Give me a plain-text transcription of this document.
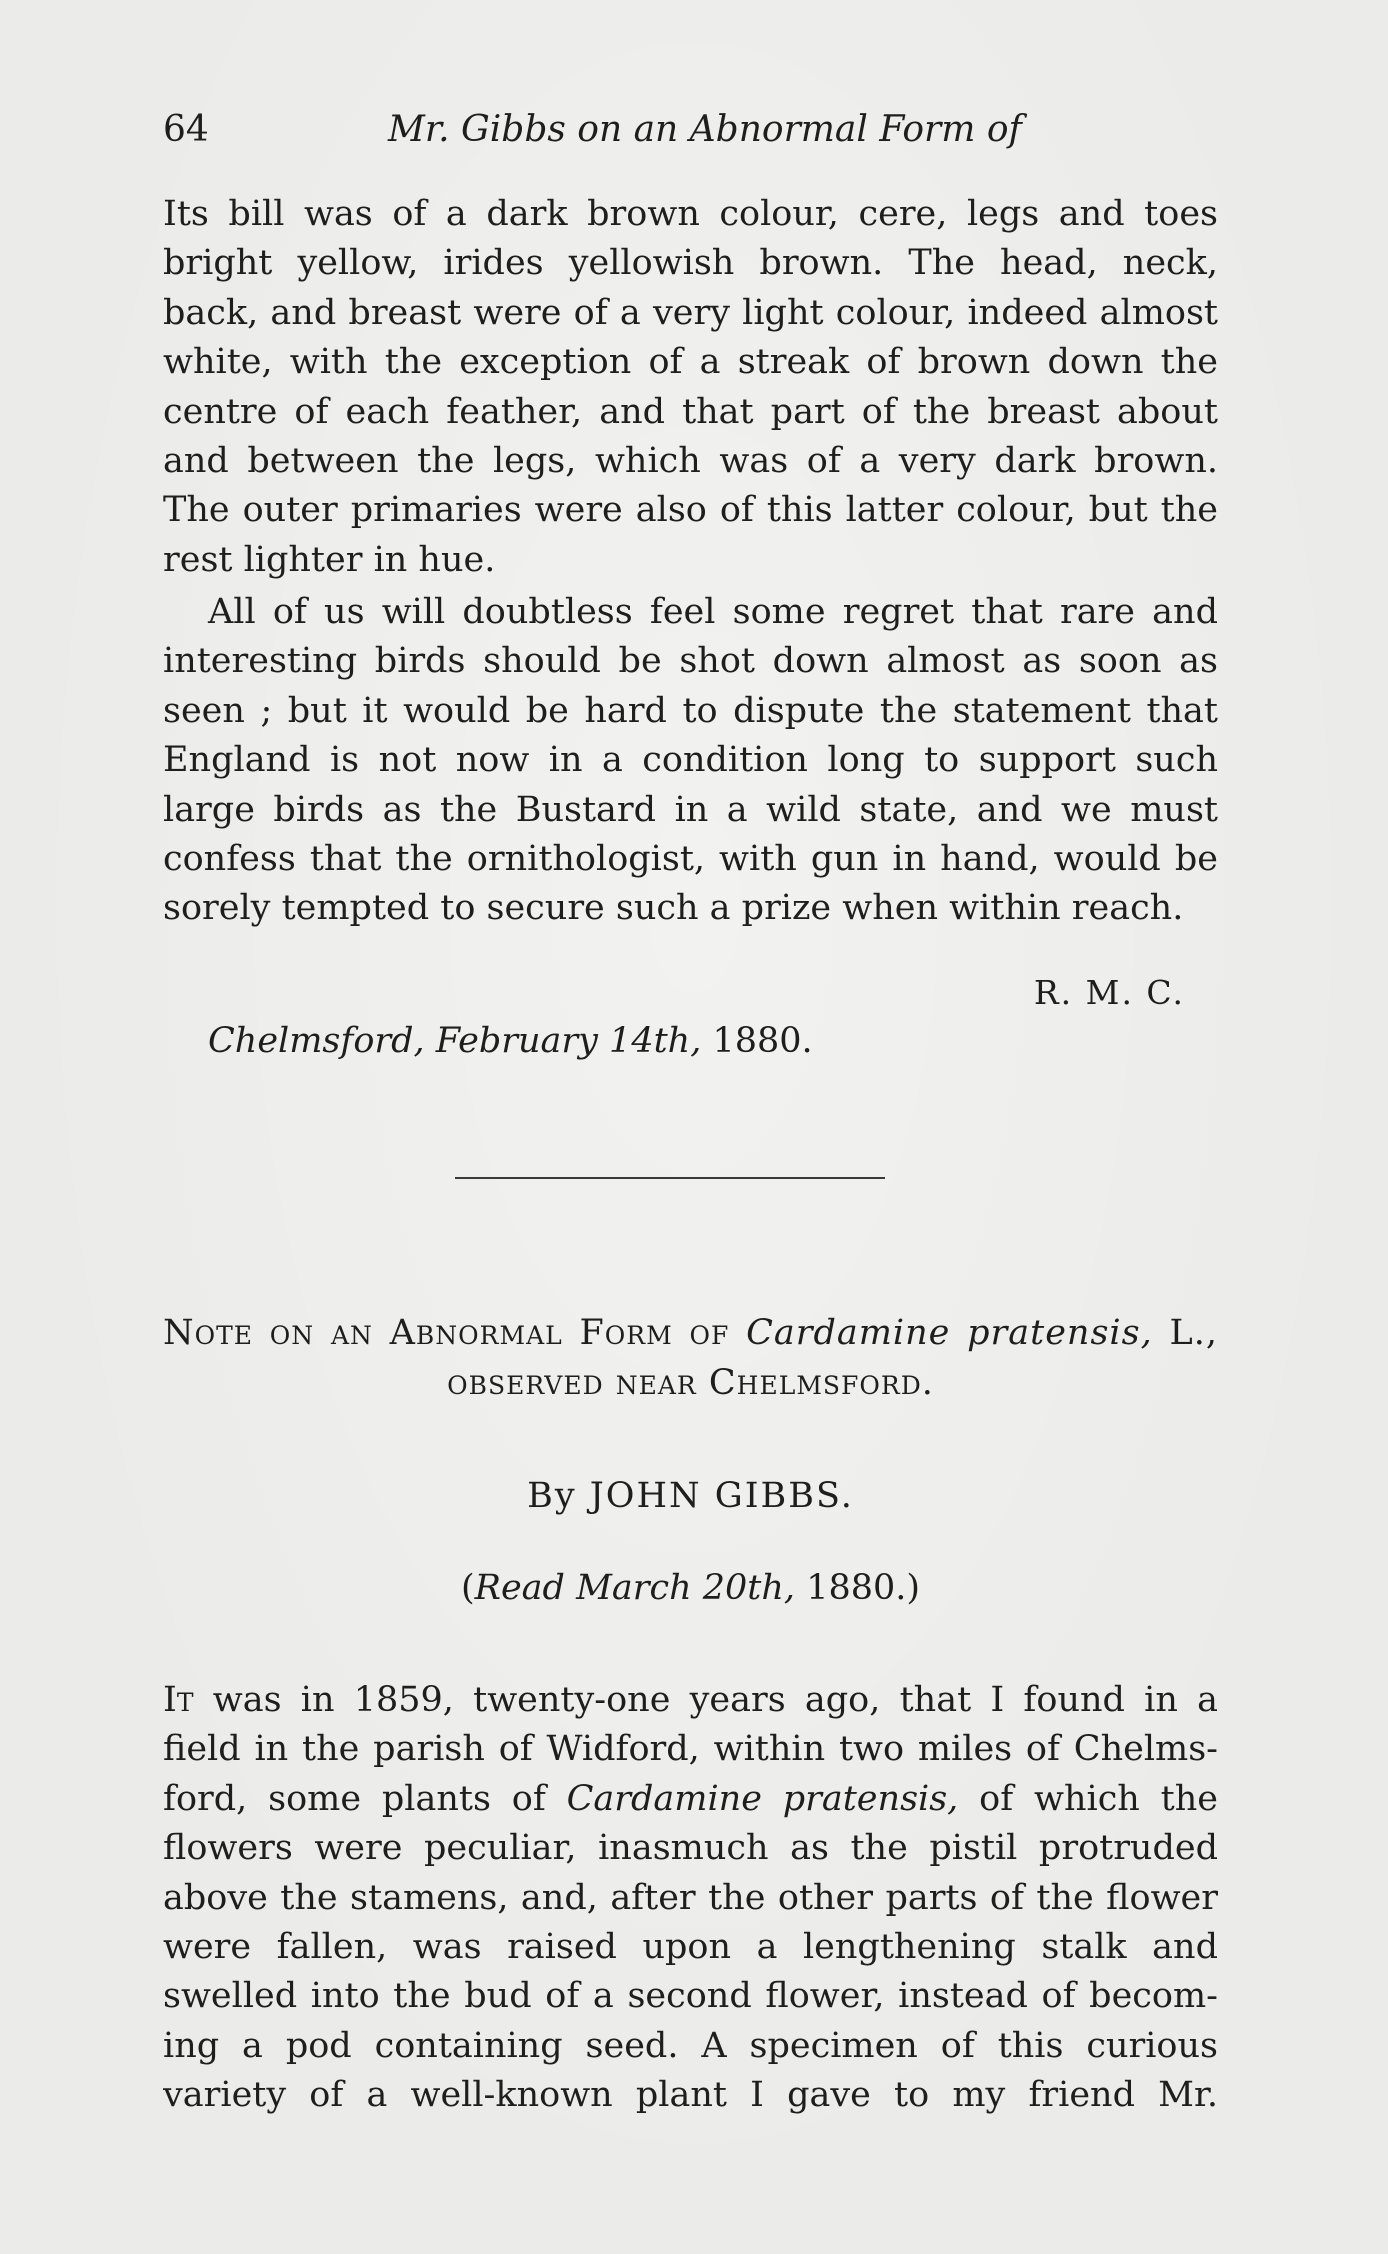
64	Mr. Gibbs on an Abnormal Form of
Its bill was of a dark brown colour, cere, legs and toes
bright yellow, irides yellowish brown. The head, neck,
back, and breast were of a very light colour, indeed almost
white, with the exception of a streak of brown down the
centre of each feather, and that part of the breast about
and between the legs, which was of a very dark brown.
The outer primaries were also of this latter colour, but the
rest lighter in hue.
All of us will doubtless feel some regret that rare and
interesting birds should be shot down almost as soon as
seen ; but it would be hard to dispute the statement that
England is not now in a condition long to support such
large birds as the Bustard in a wild state, and we must
confess that the ornithologist, with gun in hand, would be
sorely tempted to secure such a prize when within reach.
R. M. C.
Chelmsford, February 14th, 1880.
Note on an Abnormal Form of Cardamine pratensis, L.,
observed near Chelmsford.
By JOHN GIBBS.
(Read March 20th, 1880.)
It was in 1859, twenty-one years ago, that I found in a
field in the parish of Widford, within two miles of Chelms-
ford, some plants of Cardamine pratensis, of which the
flowers were peculiar, inasmuch as the pistil protruded
above the stamens, and, after the other parts of the flower
were fallen, was raised upon a lengthening stalk and
swelled into the bud of a second flower, instead of becom-
ing a pod containing seed. A specimen of this curious
variety of a well-known plant I gave to my friend Mr.
